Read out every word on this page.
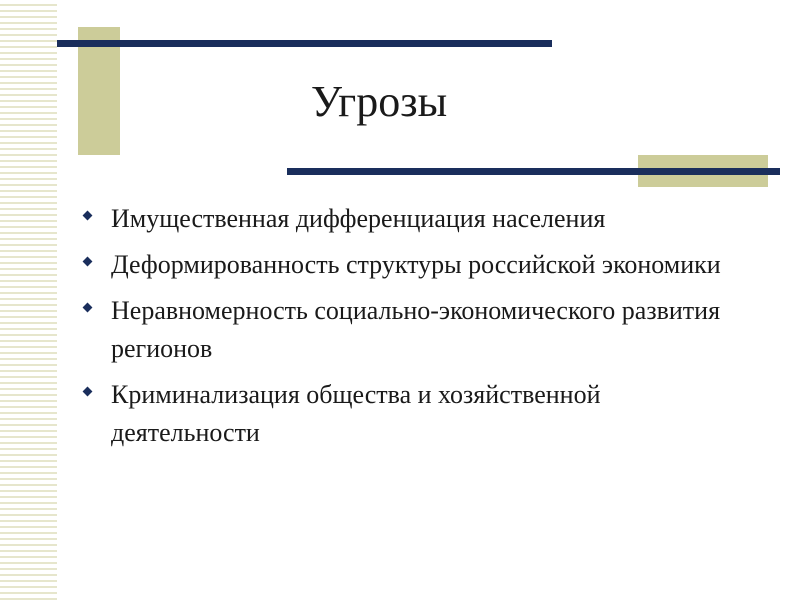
Угрозы
Имущественная дифференциация населения
Деформированность структуры российской экономики
Неравномерность социально-экономического развития регионов
Криминализация общества и хозяйственной деятельности
